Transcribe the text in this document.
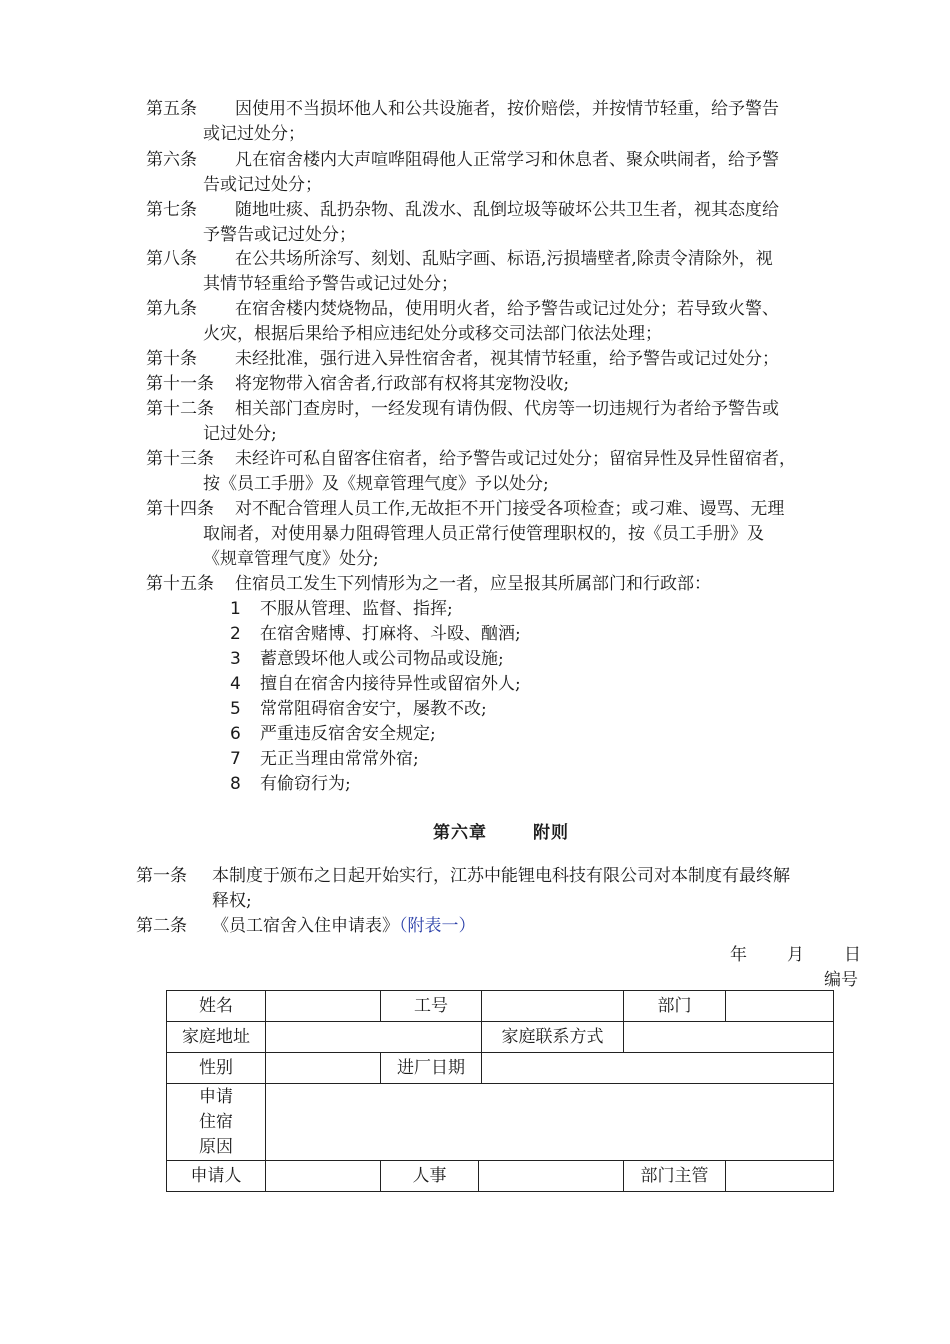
第五条 因使用不当损坏他人和公共设施者，按价赔偿，并按情节轻重，给予警告
或记过处分；
第六条 凡在宿舍楼内大声喧哗阻碍他人正常学习和休息者、聚众哄闹者，给予警
告或记过处分；
第七条 随地吐痰、乱扔杂物、乱泼水、乱倒垃圾等破坏公共卫生者，视其态度给
予警告或记过处分；
第八条 在公共场所涂写、刻划、乱贴字画、标语,污损墙壁者,除责令清除外，视
其情节轻重给予警告或记过处分；
第九条 在宿舍楼内焚烧物品，使用明火者，给予警告或记过处分；若导致火警、
火灾，根据后果给予相应违纪处分或移交司法部门依法处理；
第十条 未经批准，强行进入异性宿舍者，视其情节轻重，给予警告或记过处分；
第十一条 将宠物带入宿舍者,行政部有权将其宠物没收;
第十二条 相关部门查房时，一经发现有请伪假、代房等一切违规行为者给予警告或
记过处分;
第十三条 未经许可私自留客住宿者，给予警告或记过处分；留宿异性及异性留宿者，
按《员工手册》及《规章管理气度》予以处分;
第十四条 对不配合管理人员工作,无故拒不开门接受各项检查；或刁难、谩骂、无理
取闹者，对使用暴力阻碍管理人员正常行使管理职权的，按《员工手册》及
《规章管理气度》处分;
第十五条 住宿员工发生下列情形为之一者，应呈报其所属部门和行政部：
1 不服从管理、监督、指挥;
2 在宿舍赌博、打麻将、斗殴、酗酒;
3 蓄意毁坏他人或公司物品或设施;
4 擅自在宿舍内接待异性或留宿外人;
5 常常阻碍宿舍安宁，屡教不改;
6 严重违反宿舍安全规定;
7 无正当理由常常外宿;
8 有偷窃行为;
第六章	附则
第一条 本制度于颁布之日起开始实行，江苏中能锂电科技有限公司对本制度有最终解
释权;
第二条 《员工宿舍入住申请表》（附表一）
年 月 日
编号
姓名		工号			部门	
家庭地址				家庭联系方式		
性别		进厂日期				

申请
住宿
原因						

申请人		人事			部门主管	
